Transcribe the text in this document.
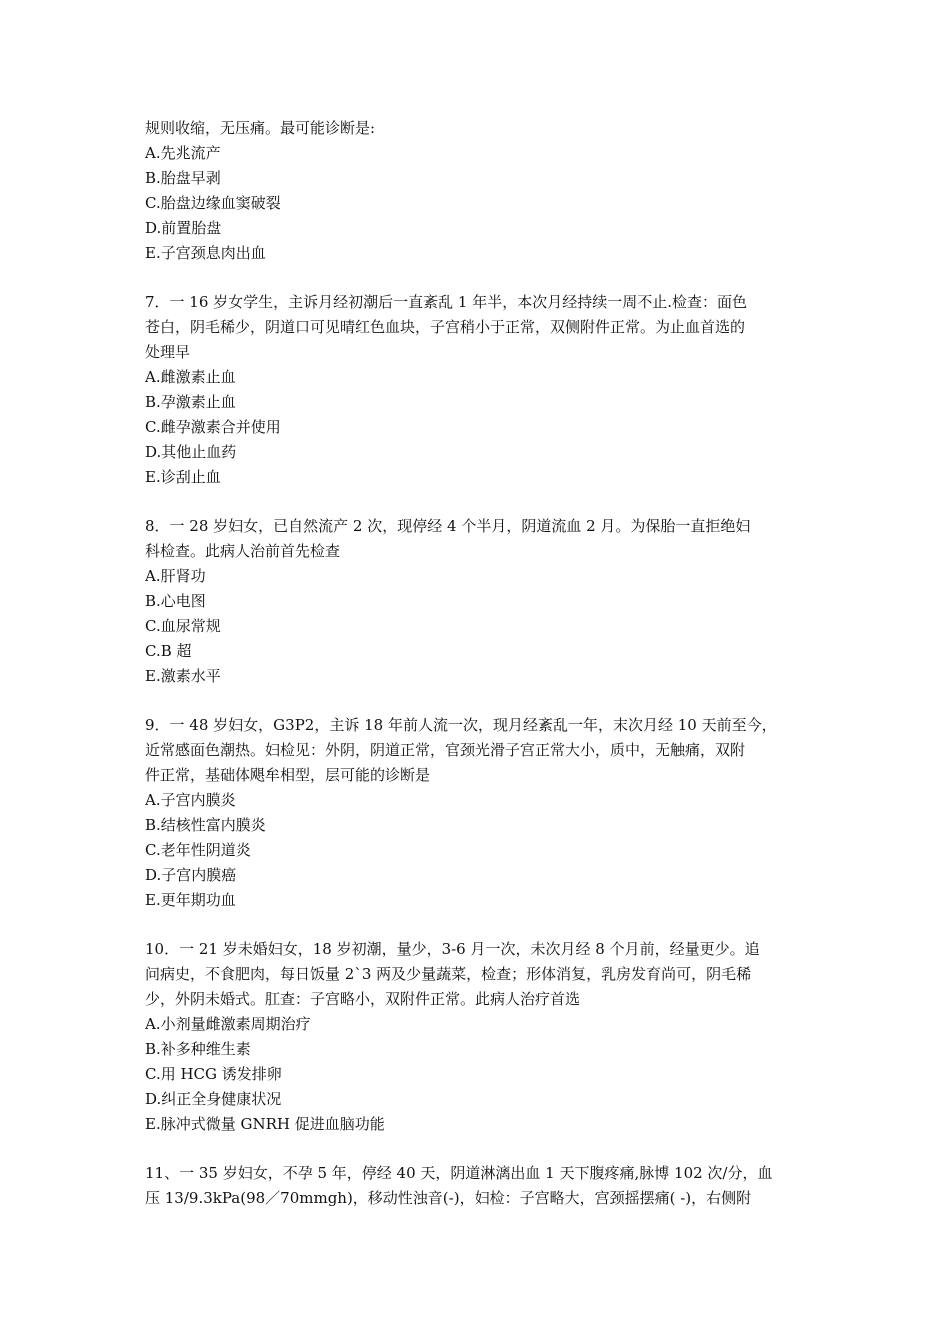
规则收缩，无压痛。最可能诊断是:
A.先兆流产
B.胎盘早剥
C.胎盘边缘血窦破裂
D.前置胎盘
E.子宫颈息肉出血
7．一 16 岁女学生，主诉月经初潮后一直紊乱 1 年半，本次月经持续一周不止.检查：面色
苍白，阴毛稀少，阴道口可见晴红色血块，子宫稍小于正常，双侧附件正常。为止血首选的
处理早
A.雌激素止血
B.孕激素止血
C.雌孕激素合并使用
D.其他止血药
E.诊刮止血
8．一 28 岁妇女，已自然流产 2 次，现停经 4 个半月，阴道流血 2 月。为保胎一直拒绝妇
科检查。此病人治前首先检查
A.肝肾功
B.心电图
C.血尿常规
C.B 超
E.激素水平
9．一 48 岁妇女，G3P2，主诉 18 年前人流一次，现月经紊乱一年，末次月经 10 天前至今，
近常感面色潮热。妇检见：外阴，阴道正常，官颈光滑子宫正常大小，质中，无触痛，双附
件正常，基础体飓牟相型，层可能的诊断是
A.子宫内膜炎
B.结核性富内膜炎
C.老年性阴道炎
D.子宫内膜癌
E.更年期功血
10．一 21 岁未婚妇女，18 岁初潮，量少，3-6 月一次，未次月经 8 个月前，经量更少。追
问病史，不食肥肉，每日饭量 2`3 两及少量蔬菜，检查；形体消复，乳房发育尚可，阴毛稀
少，外阴未婚式。肛查：子宫略小，双附件正常。此病人治疗首选
A.小剂量雌激素周期治疗
B.补多种维生素
C.用 HCG 诱发排卵
D.纠正全身健康状况
E.脉冲式微量 GNRH 促进血脑功能
11、一 35 岁妇女，不孕 5 年，停经 40 天，阴道淋漓出血 1 天下腹疼痛,脉博 102 次/分，血
压 13/9.3kPa(98／70mmgh)，移动性浊音(-)，妇检：子宫略大，宫颈摇摆痛( -)，右侧附
